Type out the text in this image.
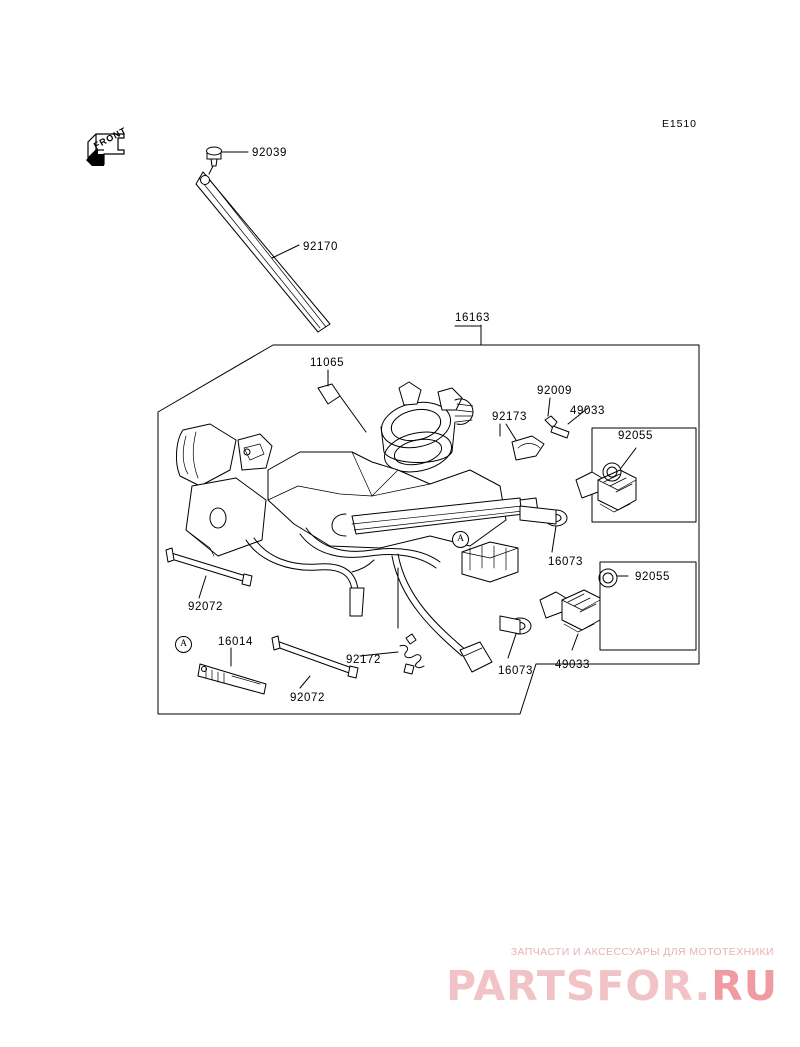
E1510
FRONT
A
A
92039
92170
16163
11065
92009
92173	49033
92055
16073
92055
92072
16014
92172
16073 49033
92072
ЗАПЧАСТИ И АКСЕССУАРЫ ДЛЯ МОТОТЕХНИКИ
PARTSFOR.RU
